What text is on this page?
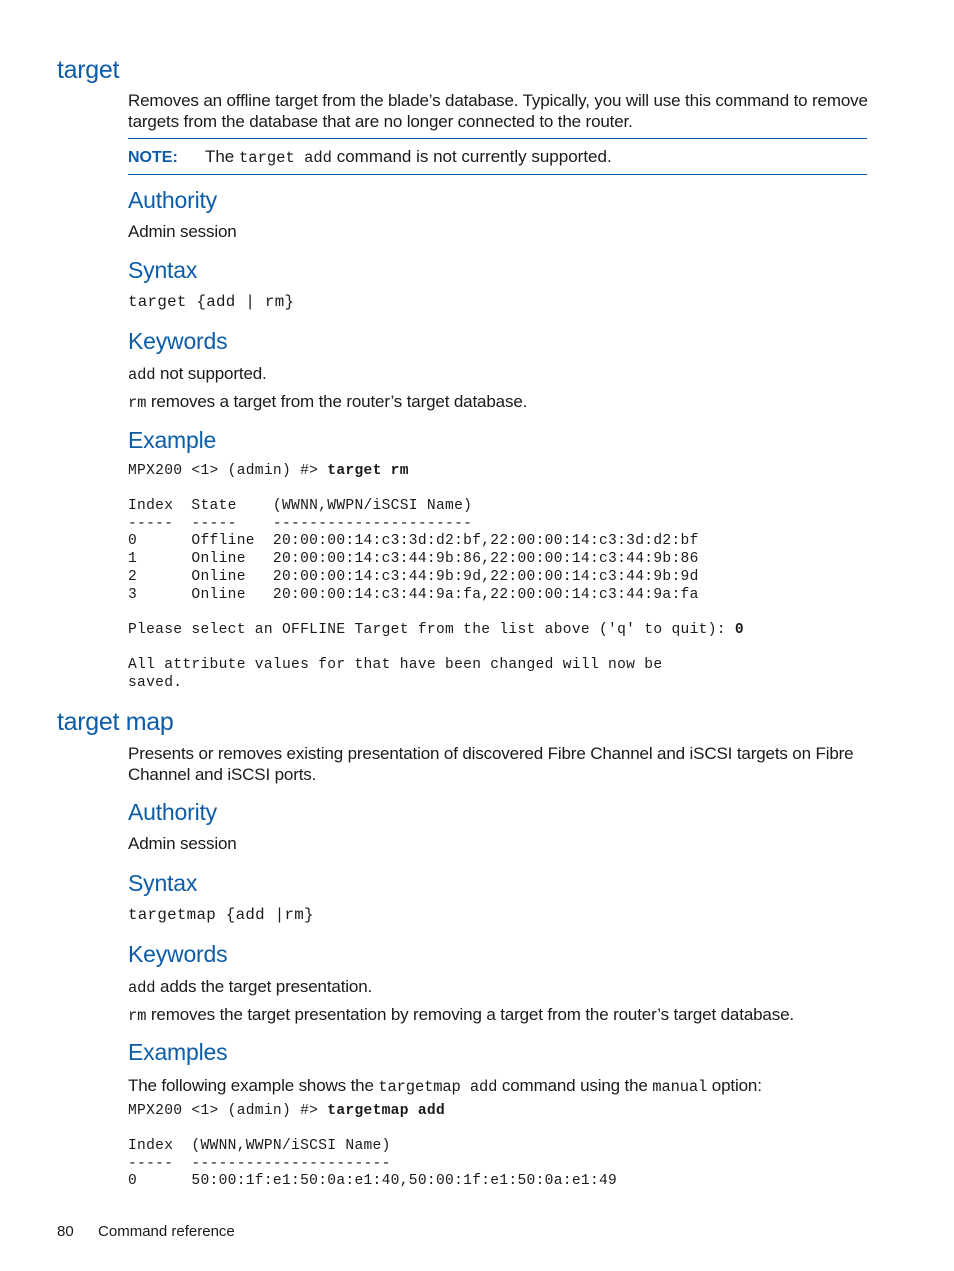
target
Removes an offline target from the blade’s database. Typically, you will use this command to remove targets from the database that are no longer connected to the router.
NOTE: The target add command is not currently supported.
Authority
Admin session
Syntax
target {add | rm}
Keywords
add not supported.
rm removes a target from the router’s target database.
Example
MPX200 <1> (admin) #> target rm
Index  State    (WWNN,WWPN/iSCSI Name)
-----  -----    ----------------------
0      Offline  20:00:00:14:c3:3d:d2:bf,22:00:00:14:c3:3d:d2:bf
1      Online   20:00:00:14:c3:44:9b:86,22:00:00:14:c3:44:9b:86
2      Online   20:00:00:14:c3:44:9b:9d,22:00:00:14:c3:44:9b:9d
3      Online   20:00:00:14:c3:44:9a:fa,22:00:00:14:c3:44:9a:fa
Please select an OFFLINE Target from the list above ('q' to quit): 0
All attribute values for that have been changed will now be
saved.
target map
Presents or removes existing presentation of discovered Fibre Channel and iSCSI targets on Fibre Channel and iSCSI ports.
Authority
Admin session
Syntax
targetmap {add |rm}
Keywords
add adds the target presentation.
rm removes the target presentation by removing a target from the router’s target database.
Examples
The following example shows the targetmap add command using the manual option:
MPX200 <1> (admin) #> targetmap add
Index  (WWNN,WWPN/iSCSI Name)
-----  ----------------------
0      50:00:1f:e1:50:0a:e1:40,50:00:1f:e1:50:0a:e1:49
80 Command reference
